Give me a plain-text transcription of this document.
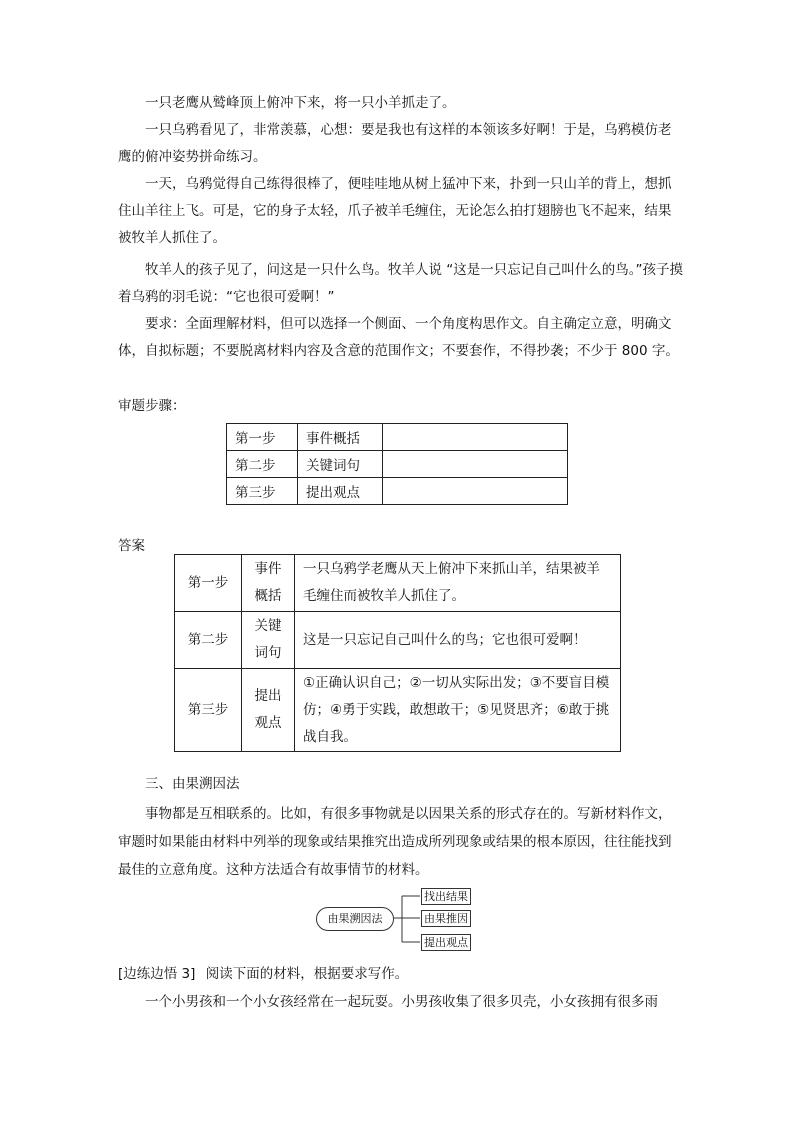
一只老鹰从鹫峰顶上俯冲下来，将一只小羊抓走了。
一只乌鸦看见了，非常羡慕，心想：要是我也有这样的本领该多好啊！于是，乌鸦模仿老鹰的俯冲姿势拼命练习。
一天，乌鸦觉得自己练得很棒了，便哇哇地从树上猛冲下来，扑到一只山羊的背上，想抓住山羊往上飞。可是，它的身子太轻，爪子被羊毛缠住，无论怎么拍打翅膀也飞不起来，结果被牧羊人抓住了。
牧羊人的孩子见了，问这是一只什么鸟。牧羊人说 “这是一只忘记自己叫什么的鸟。”孩子摸着乌鸦的羽毛说：“它也很可爱啊！”
要求：全面理解材料，但可以选择一个侧面、一个角度构思作文。自主确定立意，明确文体，自拟标题；不要脱离材料内容及含意的范围作文；不要套作，不得抄袭；不少于 800 字。
审题步骤：
第一步	事件概括	
第二步	关键词句	
第三步	提出观点	
答案
第一步	事件概括	一只乌鸦学老鹰从天上俯冲下来抓山羊，结果被羊毛缠住而被牧羊人抓住了。
第二步	关键词句	这是一只忘记自己叫什么的鸟；它也很可爱啊！
第三步	提出观点	①正确认识自己；②一切从实际出发；③不要盲目模仿；④勇于实践，敢想敢干；⑤见贤思齐；⑥敢于挑战自我。
三、由果溯因法
事物都是互相联系的。比如，有很多事物就是以因果关系的形式存在的。写新材料作文，审题时如果能由材料中列举的现象或结果推究出造成所列现象或结果的根本原因，往往能找到最佳的立意角度。这种方法适合有故事情节的材料。
由果溯因法
找出结果
由果推因
提出观点
[边练边悟 3] 阅读下面的材料，根据要求写作。
一个小男孩和一个小女孩经常在一起玩耍。小男孩收集了很多贝壳，小女孩拥有很多雨
